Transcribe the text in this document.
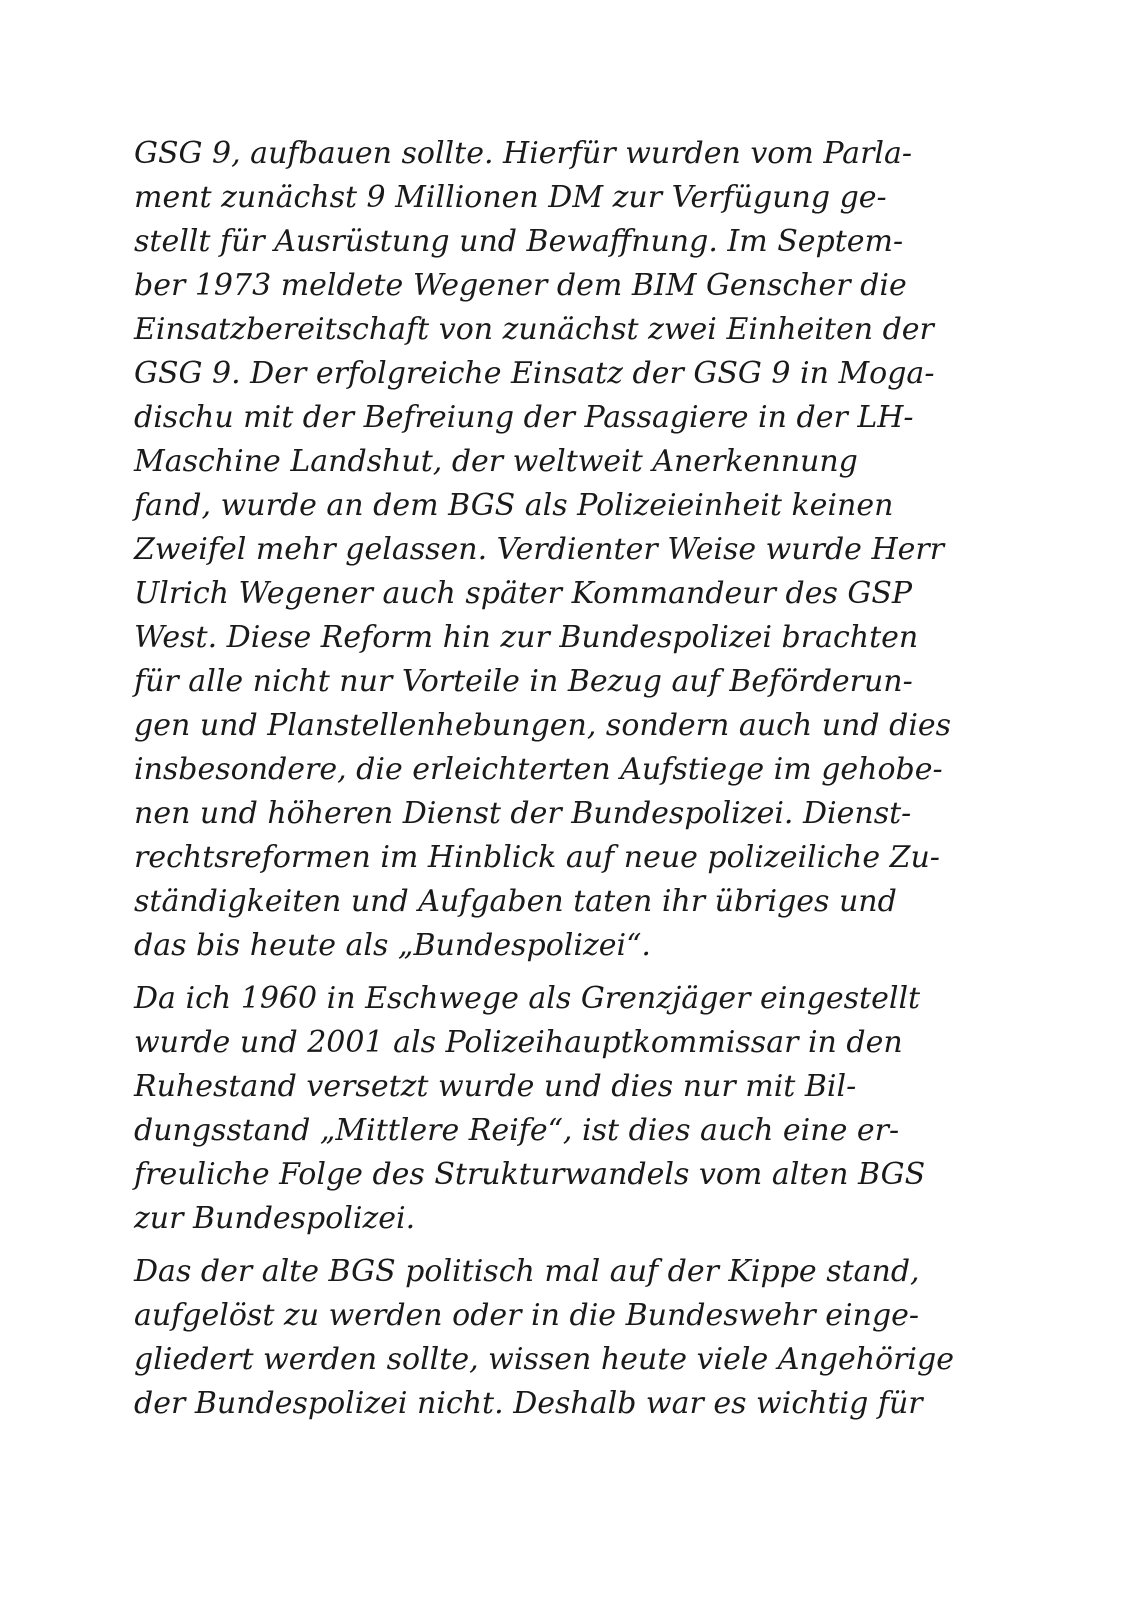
GSG 9, aufbauen sollte. Hierfür wurden vom Parla-
ment zunächst 9 Millionen DM zur Verfügung ge-
stellt für Ausrüstung und Bewaffnung. Im Septem-
ber 1973 meldete Wegener dem BIM Genscher die
Einsatzbereitschaft von zunächst zwei Einheiten der
GSG 9. Der erfolgreiche Einsatz der GSG 9 in Moga-
dischu mit der Befreiung der Passagiere in der LH-
Maschine Landshut, der weltweit Anerkennung
fand, wurde an dem BGS als Polizeieinheit keinen
Zweifel mehr gelassen. Verdienter Weise wurde Herr
Ulrich Wegener auch später Kommandeur des GSP
West. Diese Reform hin zur Bundespolizei brachten
für alle nicht nur Vorteile in Bezug auf Beförderun-
gen und Planstellenhebungen, sondern auch und dies
insbesondere, die erleichterten Aufstiege im gehobe-
nen und höheren Dienst der Bundespolizei. Dienst-
rechtsreformen im Hinblick auf neue polizeiliche Zu-
ständigkeiten und Aufgaben taten ihr übriges und
das bis heute als „Bundespolizei“.
Da ich 1960 in Eschwege als Grenzjäger eingestellt
wurde und 2001 als Polizeihauptkommissar in den
Ruhestand versetzt wurde und dies nur mit Bil-
dungsstand „Mittlere Reife“, ist dies auch eine er-
freuliche Folge des Strukturwandels vom alten BGS
zur Bundespolizei.
Das der alte BGS politisch mal auf der Kippe stand,
aufgelöst zu werden oder in die Bundeswehr einge-
gliedert werden sollte, wissen heute viele Angehörige
der Bundespolizei nicht. Deshalb war es wichtig für
